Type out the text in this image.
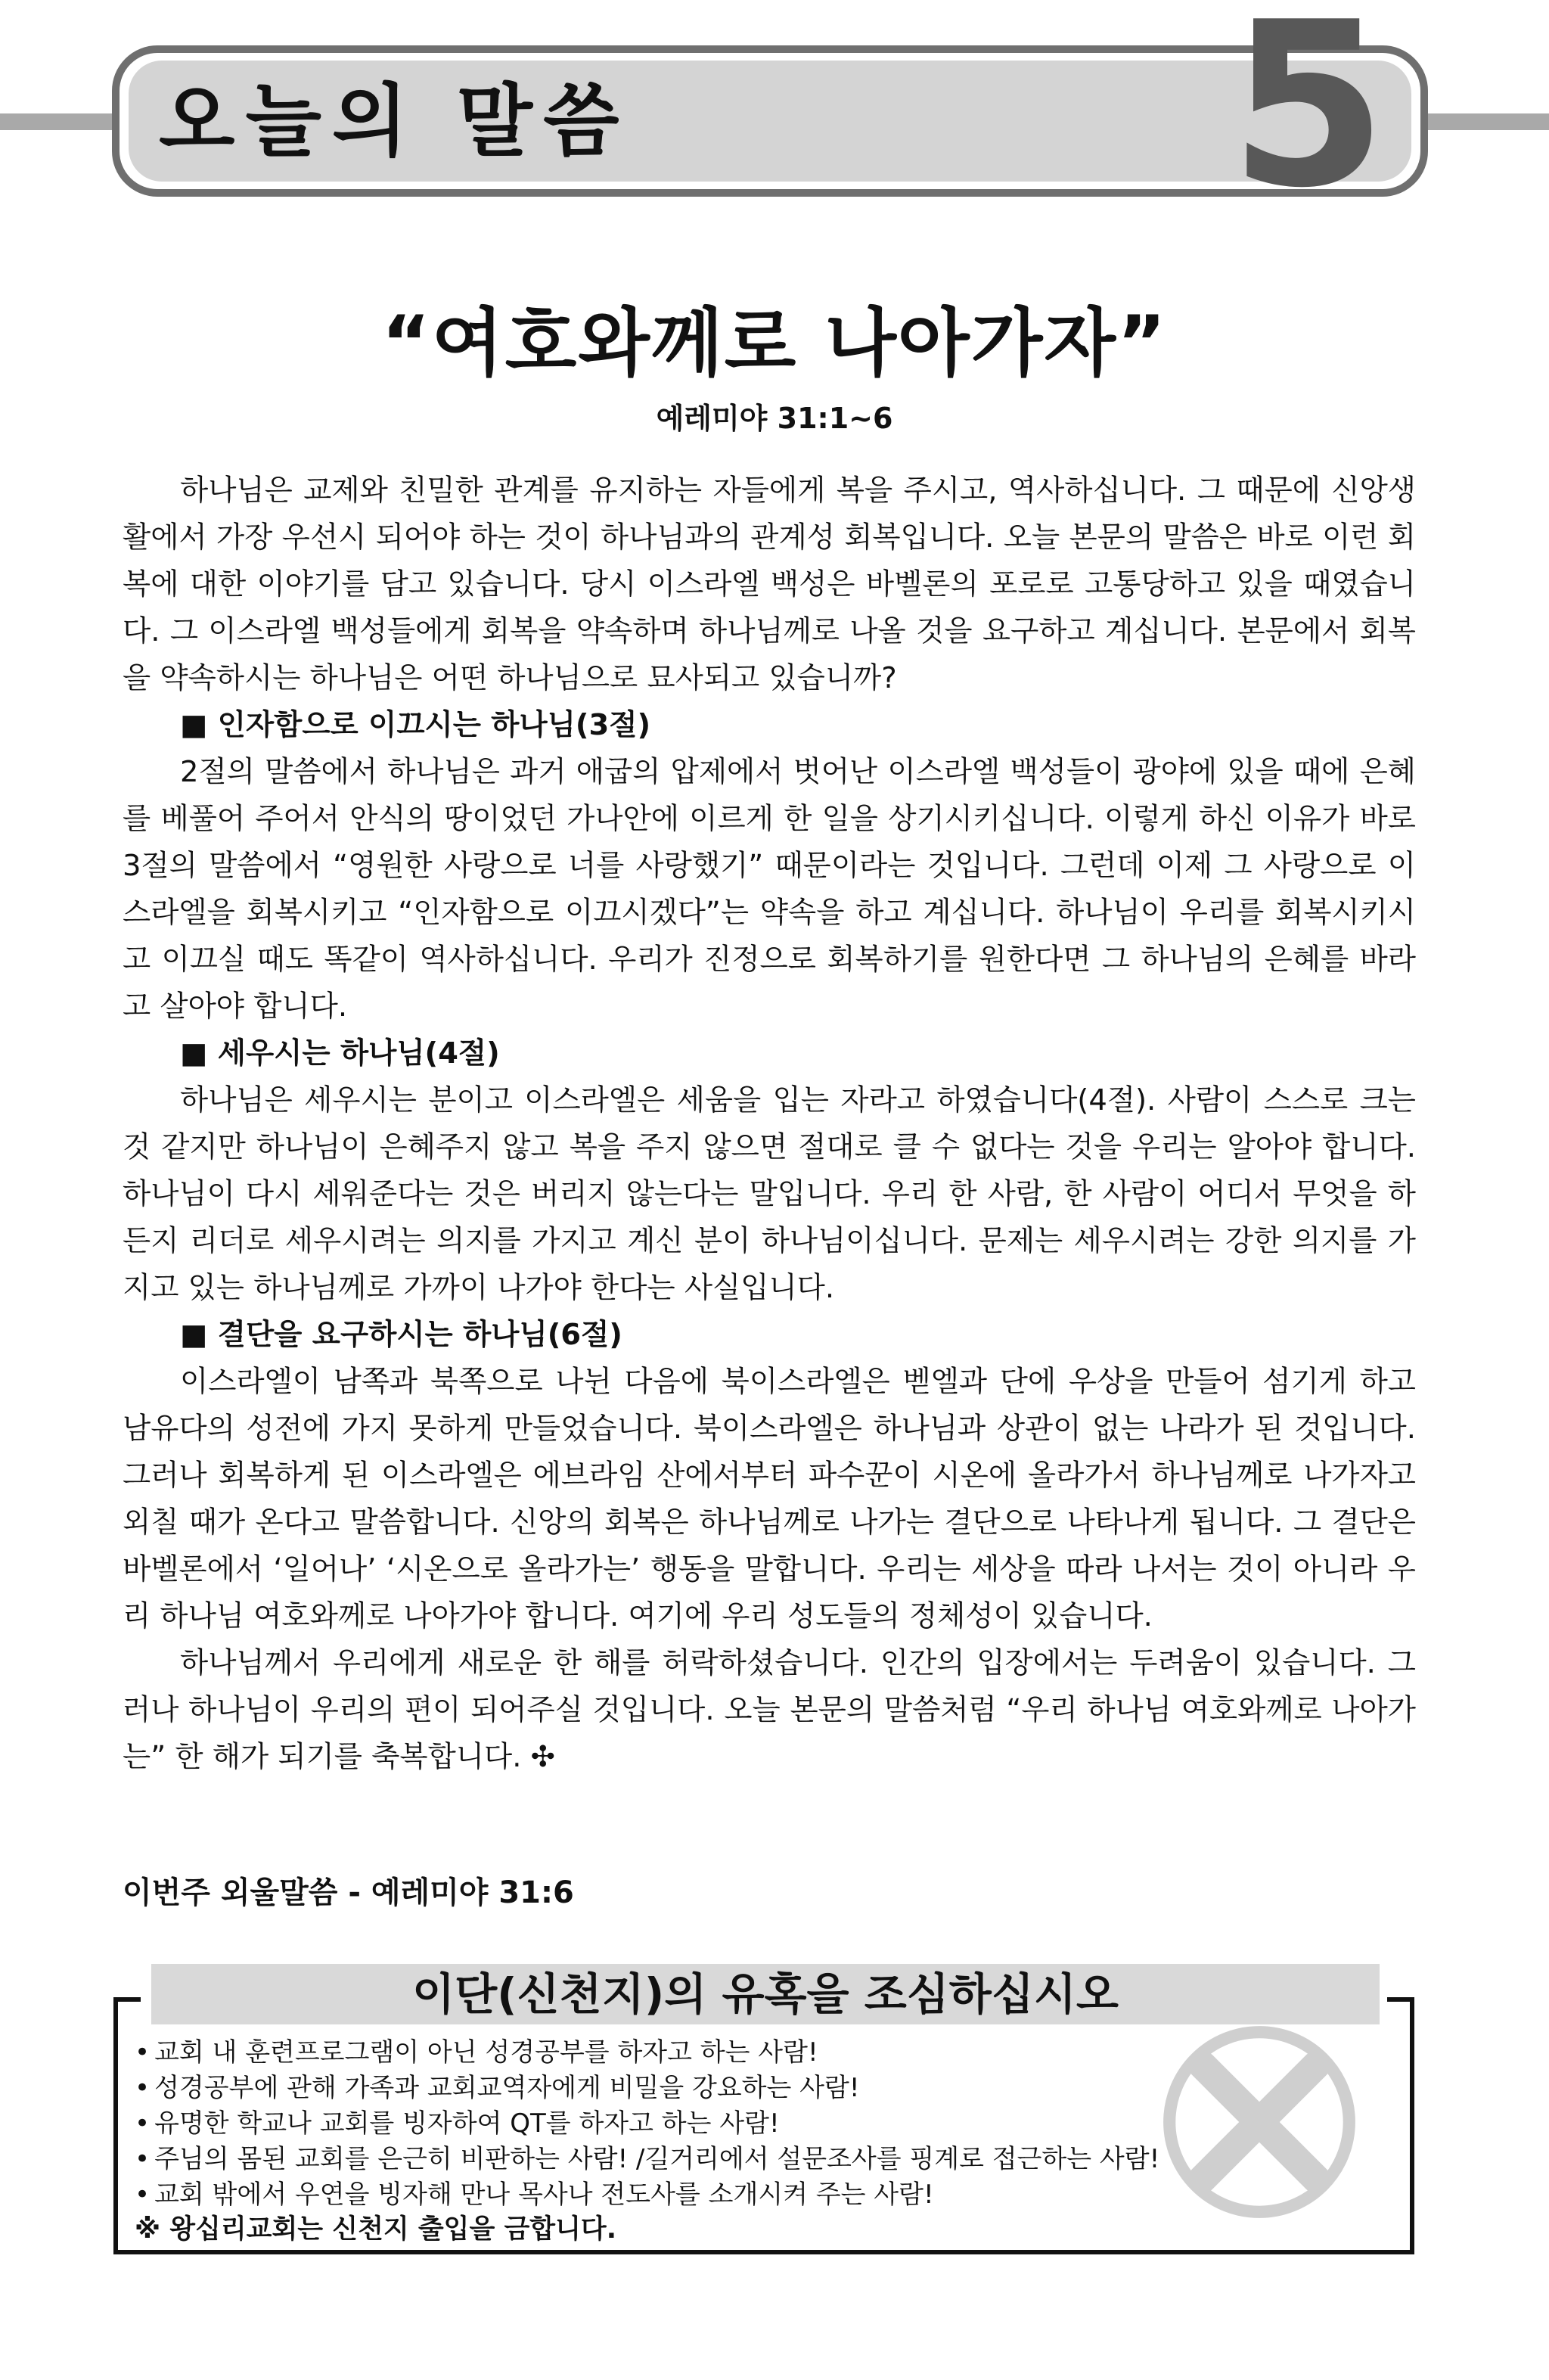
오늘의 말씀	5
“여호와께로 나아가자”
예레미야 31:1~6

하나님은 교제와 친밀한 관계를 유지하는 자들에게 복을 주시고, 역사하십니다. 그 때문에 신앙생활에서 가장 우선시 되어야 하는 것이 하나님과의 관계성 회복입니다. 오늘 본문의 말씀은 바로 이런 회복에 대한 이야기를 담고 있습니다. 당시 이스라엘 백성은 바벨론의 포로로 고통당하고 있을 때였습니다. 그 이스라엘 백성들에게 회복을 약속하며 하나님께로 나올 것을 요구하고 계십니다. 본문에서 회복을 약속하시는 하나님은 어떤 하나님으로 묘사되고 있습니까?

■ 인자함으로 이끄시는 하나님(3절)

2절의 말씀에서 하나님은 과거 애굽의 압제에서 벗어난 이스라엘 백성들이 광야에 있을 때에 은혜를 베풀어 주어서 안식의 땅이었던 가나안에 이르게 한 일을 상기시키십니다. 이렇게 하신 이유가 바로 3절의 말씀에서 “영원한 사랑으로 너를 사랑했기” 때문이라는 것입니다. 그런데 이제 그 사랑으로 이스라엘을 회복시키고 “인자함으로 이끄시겠다”는 약속을 하고 계십니다. 하나님이 우리를 회복시키시고 이끄실 때도 똑같이 역사하십니다. 우리가 진정으로 회복하기를 원한다면 그 하나님의 은혜를 바라고 살아야 합니다.

■ 세우시는 하나님(4절)

하나님은 세우시는 분이고 이스라엘은 세움을 입는 자라고 하였습니다(4절). 사람이 스스로 크는 것 같지만 하나님이 은혜주지 않고 복을 주지 않으면 절대로 클 수 없다는 것을 우리는 알아야 합니다. 하나님이 다시 세워준다는 것은 버리지 않는다는 말입니다. 우리 한 사람, 한 사람이 어디서 무엇을 하든지 리더로 세우시려는 의지를 가지고 계신 분이 하나님이십니다. 문제는 세우시려는 강한 의지를 가지고 있는 하나님께로 가까이 나가야 한다는 사실입니다.

■ 결단을 요구하시는 하나님(6절)

이스라엘이 남쪽과 북쪽으로 나뉜 다음에 북이스라엘은 벧엘과 단에 우상을 만들어 섬기게 하고 남유다의 성전에 가지 못하게 만들었습니다. 북이스라엘은 하나님과 상관이 없는 나라가 된 것입니다. 그러나 회복하게 된 이스라엘은 에브라임 산에서부터 파수꾼이 시온에 올라가서 하나님께로 나가자고 외칠 때가 온다고 말씀합니다. 신앙의 회복은 하나님께로 나가는 결단으로 나타나게 됩니다. 그 결단은 바벨론에서 ‘일어나’ ‘시온으로 올라가는’ 행동을 말합니다. 우리는 세상을 따라 나서는 것이 아니라 우리 하나님 여호와께로 나아가야 합니다. 여기에 우리 성도들의 정체성이 있습니다.

하나님께서 우리에게 새로운 한 해를 허락하셨습니다. 인간의 입장에서는 두려움이 있습니다. 그러나 하나님이 우리의 편이 되어주실 것입니다. 오늘 본문의 말씀처럼 “우리 하나님 여호와께로 나아가는” 한 해가 되기를 축복합니다. ✣

이번주 외울말씀 - 예레미야 31:6
이단(신천지)의 유혹을 조심하십시오
• 교회 내 훈련프로그램이 아닌 성경공부를 하자고 하는 사람!
• 성경공부에 관해 가족과 교회교역자에게 비밀을 강요하는 사람!
• 유명한 학교나 교회를 빙자하여 QT를 하자고 하는 사람!
• 주님의 몸된 교회를 은근히 비판하는 사람! /길거리에서 설문조사를 핑계로 접근하는 사람!
• 교회 밖에서 우연을 빙자해 만나 목사나 전도사를 소개시켜 주는 사람!
※ 왕십리교회는 신천지 출입을 금합니다.
